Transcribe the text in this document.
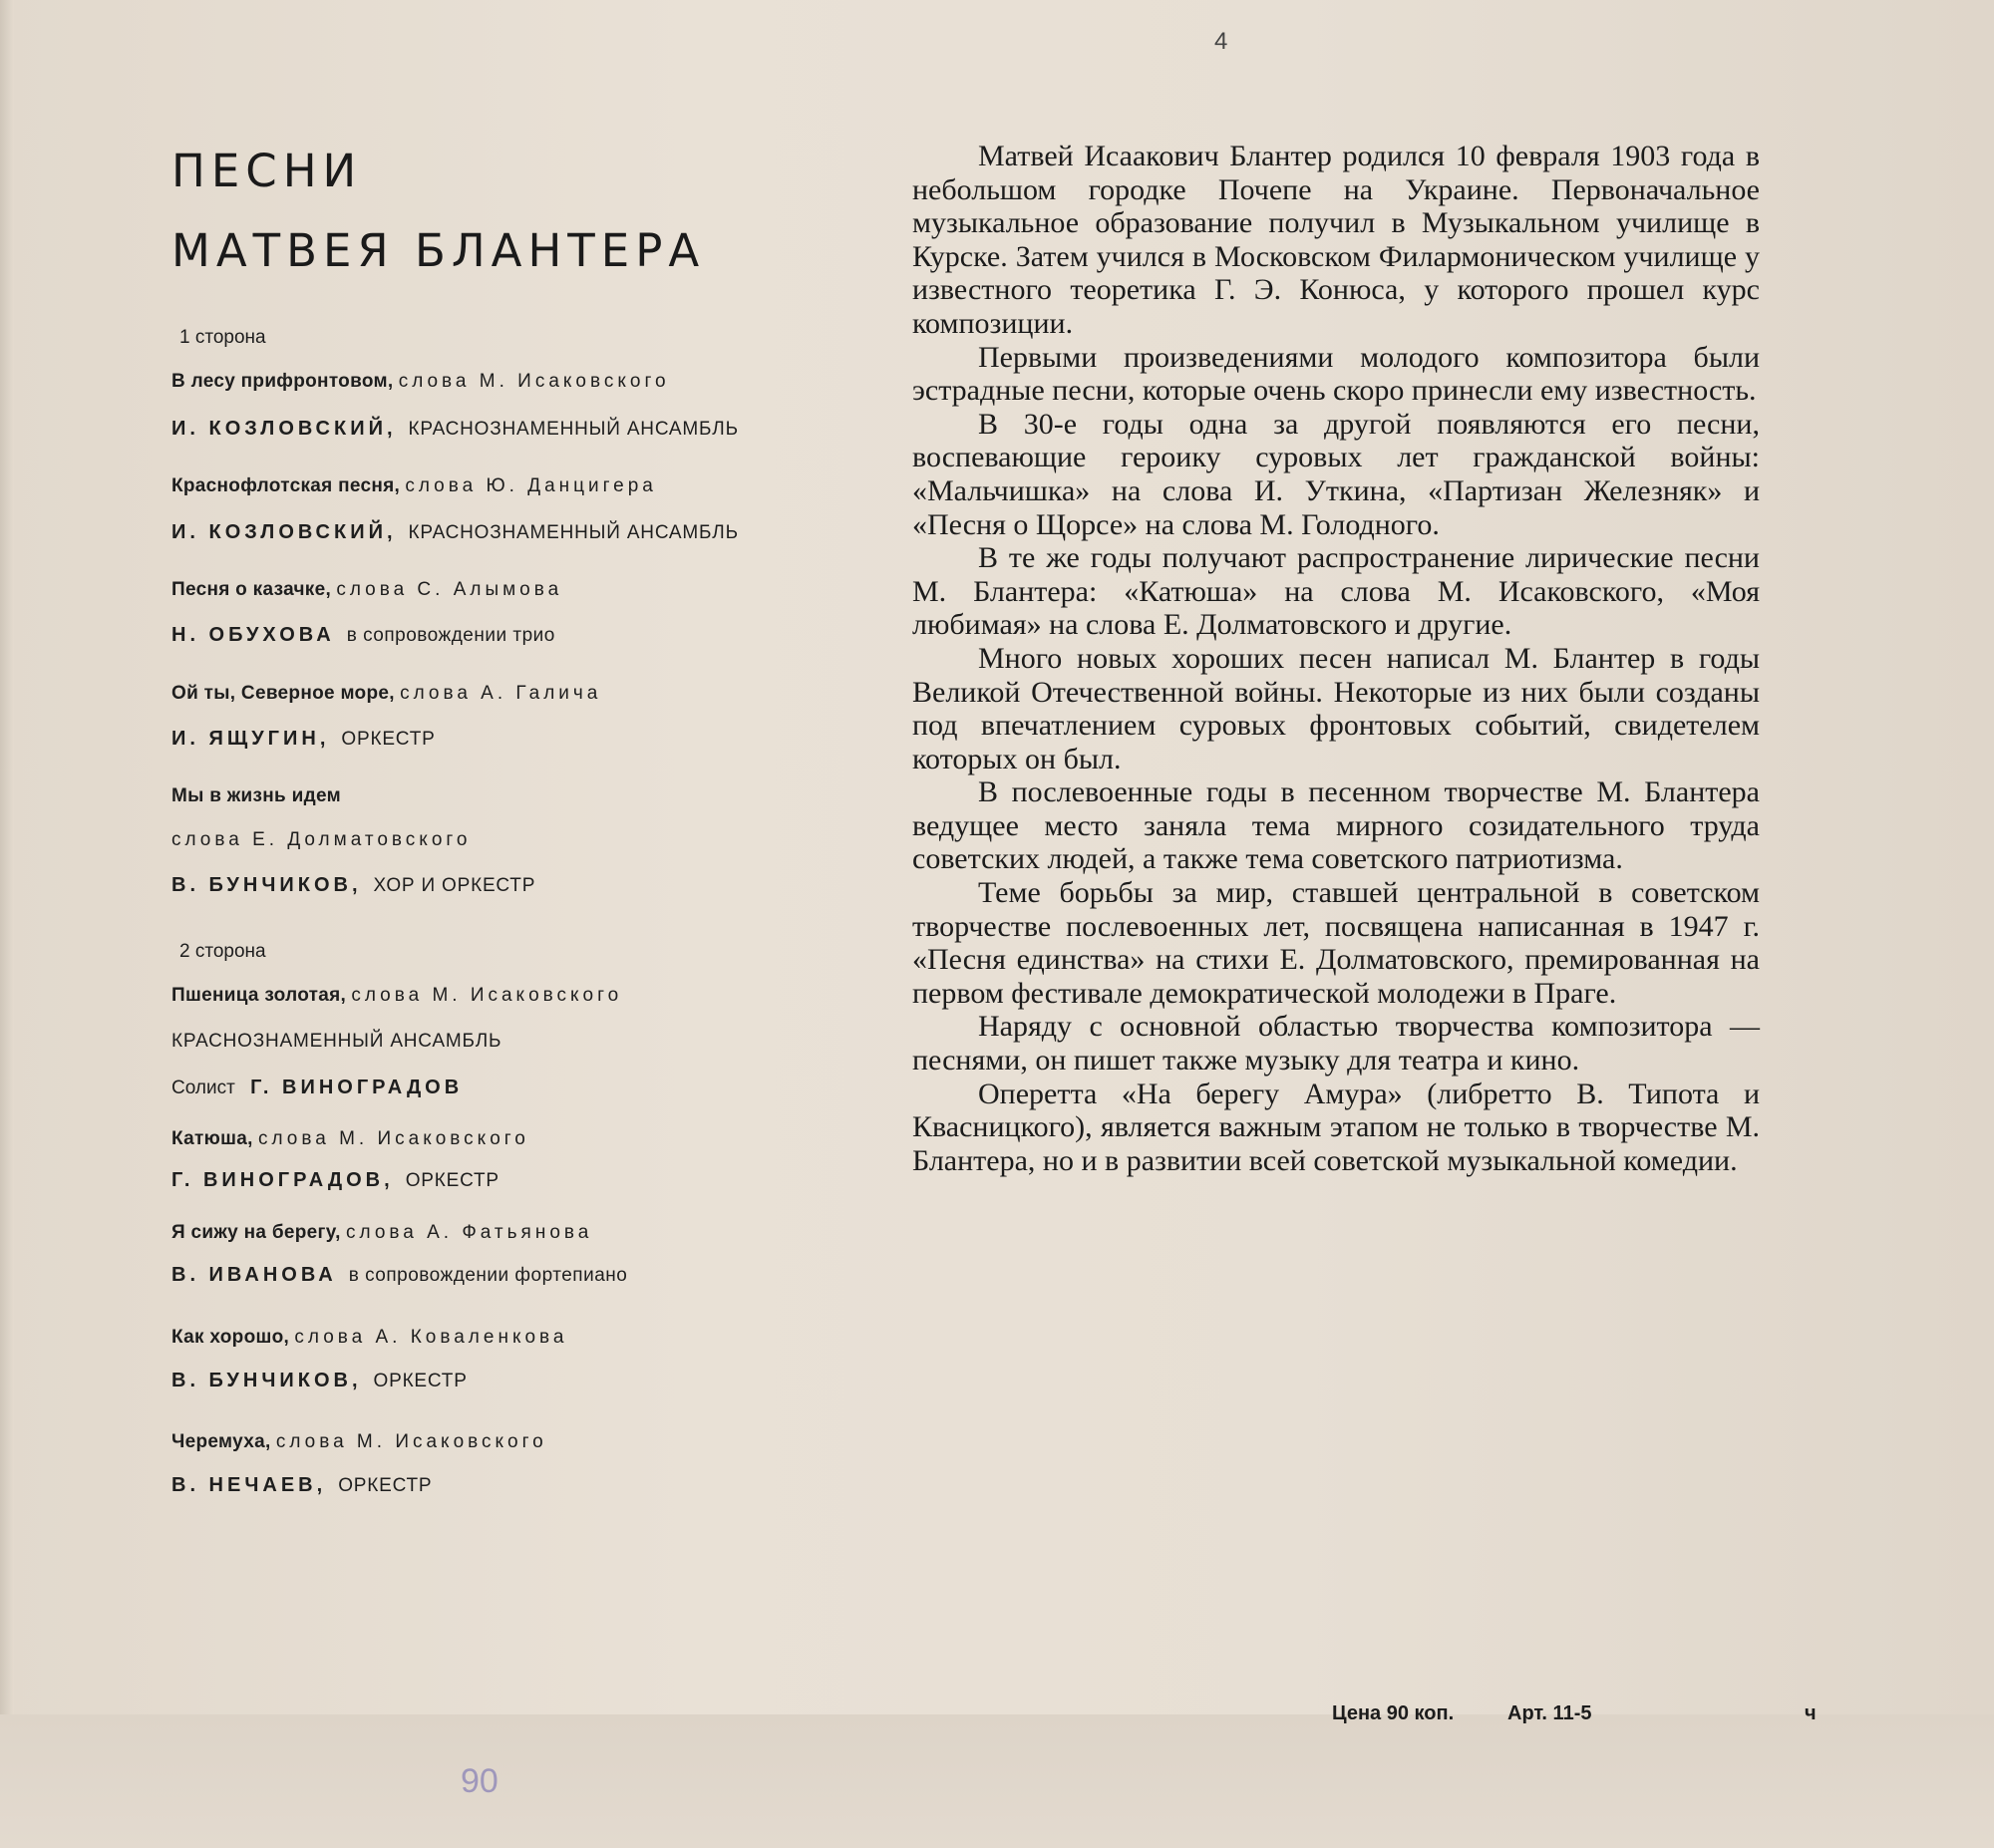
4
ПЕСНИ
МАТВЕЯ БЛАНТЕРА
1 сторона
В лесу прифронтовом, слова М. Исаковского
И. КОЗЛОВСКИЙ, КРАСНОЗНАМЕННЫЙ АНСАМБЛЬ
Краснофлотская песня, слова Ю. Данцигера
И. КОЗЛОВСКИЙ, КРАСНОЗНАМЕННЫЙ АНСАМБЛЬ
Песня о казачке, слова С. Алымова
Н. ОБУХОВА в сопровождении трио
Ой ты, Северное море, слова А. Галича
И. ЯЩУГИН, ОРКЕСТР
Мы в жизнь идем
слова Е. Долматовского
В. БУНЧИКОВ, ХОР И ОРКЕСТР
2 сторона
Пшеница золотая, слова М. Исаковского
КРАСНОЗНАМЕННЫЙ АНСАМБЛЬ
Солист Г. ВИНОГРАДОВ
Катюша, слова М. Исаковского
Г. ВИНОГРАДОВ, ОРКЕСТР
Я сижу на берегу, слова А. Фатьянова
В. ИВАНОВА в сопровождении фортепиано
Как хорошо, слова А. Коваленкова
В. БУНЧИКОВ, ОРКЕСТР
Черемуха, слова М. Исаковского
В. НЕЧАЕВ, ОРКЕСТР

Матвей Исаакович Блантер родился 10 февраля 1903 года в небольшом городке Почепе на Украине. Первоначальное музыкальное образование получил в Музыкальном училище в Курске. Затем учился в Московском Филармоническом училище у известного теоретика Г. Э. Конюса, у которого прошел курс композиции.

Первыми произведениями молодого композитора были эстрадные песни, которые очень скоро принесли ему известность.

В 30-е годы одна за другой появляются его песни, воспевающие героику суровых лет гражданской войны: «Мальчишка» на слова И. Уткина, «Партизан Железняк» и «Песня о Щорсе» на слова М. Голодного.

В те же годы получают распространение лирические песни М. Блантера: «Катюша» на слова М. Исаковского, «Моя любимая» на слова Е. Долматовского и другие.

Много новых хороших песен написал М. Блантер в годы Великой Отечественной войны. Некоторые из них были созданы под впечатлением суровых фронтовых событий, свидетелем которых он был.

В послевоенные годы в песенном творчестве М. Блантера ведущее место заняла тема мирного созидательного труда советских людей, а также тема советского патриотизма.

Теме борьбы за мир, ставшей центральной в советском творчестве послевоенных лет, посвящена написанная в 1947 г. «Песня единства» на стихи Е. Долматовского, премированная на первом фестивале демократической молодежи в Праге.

Наряду с основной областью творчества композитора — песнями, он пишет также музыку для театра и кино.

Оперетта «На берегу Амура» (либретто В. Типота и Квасницкого), является важным этапом не только в творчестве М. Блантера, но и в развитии всей советской музыкальной комедии.

90
Цена 90 коп.	Арт. 11-5	ч
